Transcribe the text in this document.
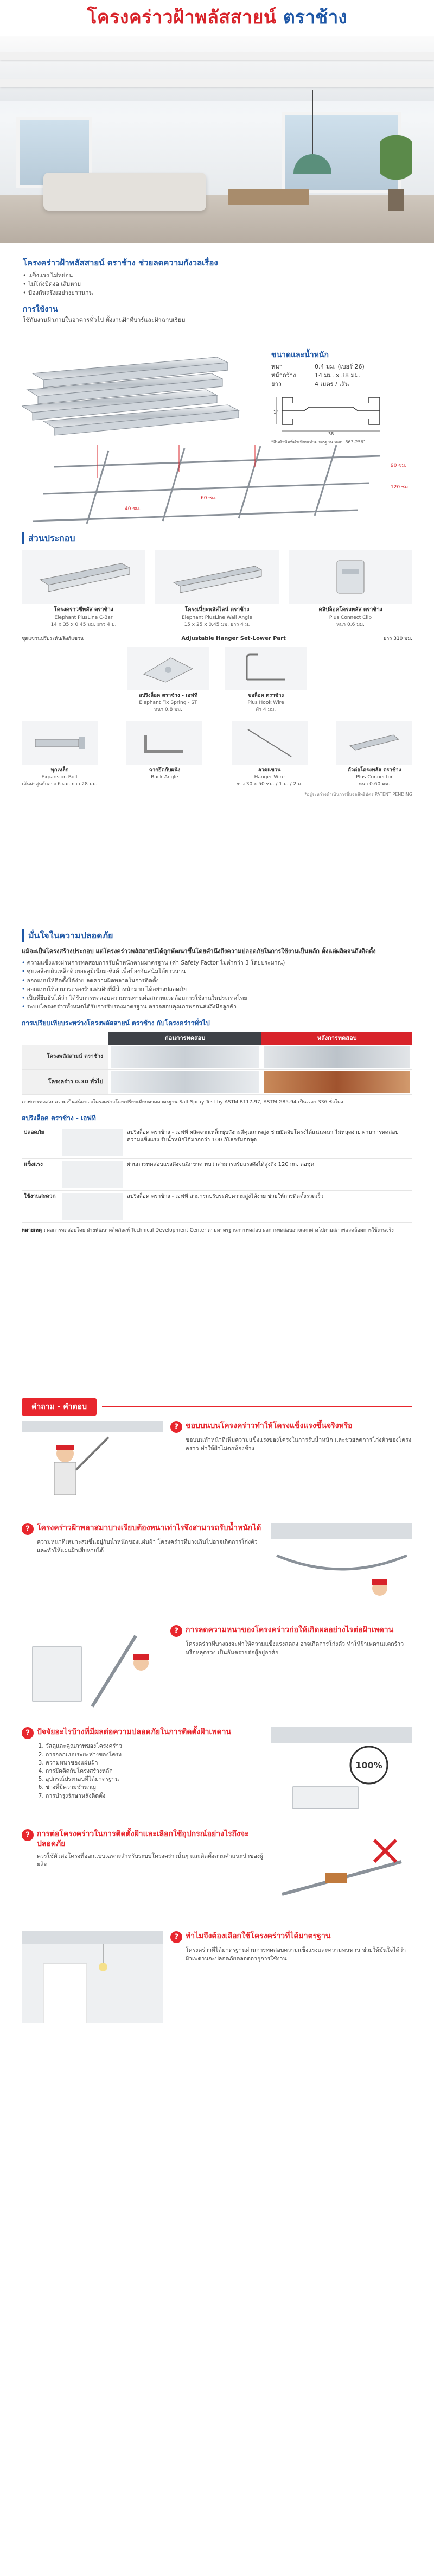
โครงคร่าวฝ้าพลัสสายน์ ตราช้าง
โครงคร่าวฝ้าพลัสสายน์ ตราช้าง ช่วยลดความกังวลเรื่อง
• แข็งแรง ไม่หย่อน
• ไม่โก่งบิดงอ เสียหาย
• ป้องกันสนิมอย่างยาวนาน
การใช้งาน

ใช้กับงานฝ้าภายในอาคารทั่วไป ทั้งงานฝ้าทีบาร์และฝ้าฉาบเรียบ

ขนาดและน้ำหนัก
หนา	0.4 มม. (เบอร์ 26)
หน้ากว้าง	14 มม. x 38 มม.
ยาว	4 เมตร / เส้น
14
38
*สินค้าพิมพ์คำเทียบเท่ามาตรฐาน มอก. 863-2561
90 ซม.
120 ซม.
60 ซม.
40 ซม.
ส่วนประกอบ
โครงคร่าวซีพลัส ตราช้าง
Elephant PlusLine C-Bar
14 x 35 x 0.45 มม. ยาว 4 ม.
โครงเนี่ยะพลัสไลน์ ตราช้าง
Elephant PlusLine Wall Angle
15 x 25 x 0.45 มม. ยาว 4 ม.
คลิปล็อคโครงพลัส ตราช้าง
Plus Connect Clip
หนา 0.6 มม.
ชุดแขวนปรับระดับ/ลิงก์แขวน	Adjustable Hanger Set-Lower Part	ยาว 310 มม.
สปริงล็อค ตราช้าง - เอฟที
Elephant Fix Spring - ST
หนา 0.8 มม.
ขอล็อค ตราช้าง
Plus Hook Wire
ผ้า 4 มม.
พุกเหล็ก
Expansion Bolt
เส้นผ่าศูนย์กลาง 6 มม. ยาว 28 มม.
ฉากยึดกับผนัง
Back Angle
ลวดแขวน
Hanger Wire
ยาว 30 x 50 ซม. / 1 ม. / 2 ม.
ตัวต่อโครงพลัส ตราช้าง
Plus Connector
หนา 0.60 มม.
*อยู่ระหว่างดำเนินการยื่นจดสิทธิบัตร PATENT PENDING
มั่นใจในความปลอดภัย

แม้จะเป็นโครงสร้างประกอบ แต่โครงคร่าวพลัสสายน์ได้ถูกพัฒนาขึ้นโดยคำนึงถึงความปลอดภัยในการใช้งานเป็นหลัก ตั้งแต่ผลิตจนถึงติดตั้ง

• ความแข็งแรงผ่านการทดสอบการรับน้ำหนักตามมาตรฐาน (ค่า Safety Factor ไม่ต่ำกว่า 3 โดยประมาณ)
• ชุบเคลือบผิวเหล็กด้วยอะลูมิเนียม-ซิงค์ เพื่อป้องกันสนิมได้ยาวนาน
• ออกแบบให้ติดตั้งได้ง่าย ลดความผิดพลาดในการติดตั้ง
• ออกแบบให้สามารถรองรับแผ่นฝ้าที่มีน้ำหนักมาก ได้อย่างปลอดภัย
• เป็นที่ยืนยันได้ว่า ได้รับการทดสอบความทนทานต่อสภาพแวดล้อมการใช้งานในประเทศไทย
• ระบบโครงคร่าวทั้งหมดได้รับการรับรองมาตรฐาน ตรวจสอบคุณภาพก่อนส่งถึงมือลูกค้า
การเปรียบเทียบระหว่างโครงพลัสสายน์ ตราช้าง กับโครงคร่าวทั่วไป
	ก่อนการทดสอบ	หลังการทดสอบ
โครงพลัสสายน์ ตราช้าง	

โครงคร่าว 0.30 ทั่วไป	

ภาพการทดสอบความเป็นสนิมของโครงคร่าวโดยเปรียบเทียบตามมาตรฐาน Salt Spray Test by ASTM B117-97, ASTM G85-94 เป็นเวลา 336 ชั่วโมง
สปริงล็อค ตราช้าง - เอฟที
ปลอดภัย		สปริงล็อค ตราช้าง - เอฟที ผลิตจากเหล็กชุบสังกะสีคุณภาพสูง ช่วยยึดจับโครงได้แน่นหนา ไม่หลุดง่าย ผ่านการทดสอบความแข็งแรง รับน้ำหนักได้มากกว่า 100 กิโลกรัมต่อจุด
แข็งแรง		ผ่านการทดสอบแรงดึงจนฉีกขาด พบว่าสามารถรับแรงดึงได้สูงถึง 120 กก. ต่อชุด
ใช้งานสะดวก		สปริงล็อค ตราช้าง - เอฟที สามารถปรับระดับความสูงได้ง่าย ช่วยให้การติดตั้งรวดเร็ว
หมายเหตุ : ผลการทดสอบโดย ฝ่ายพัฒนาผลิตภัณฑ์ Technical Development Center ตามมาตรฐานการทดสอบ ผลการทดสอบอาจแตกต่างไปตามสภาพแวดล้อมการใช้งานจริง
คำถาม - คำตอบ
? ขอบบนบนโครงคร่าวทำให้โครงแข็งแรงขึ้นจริงหรือ
ขอบบนทำหน้าที่เพิ่มความแข็งแรงของโครงในการรับน้ำหนัก และช่วยลดการโก่งตัวของโครงคร่าว ทำให้ฝ้าไม่ตกท้องช้าง
? โครงคร่าวฝ้าพลาสมาบางเรียบต้องหนาเท่าไรจึงสามารถรับน้ำหนักได้
ความหนาที่เหมาะสมขึ้นอยู่กับน้ำหนักของแผ่นฝ้า โครงคร่าวที่บางเกินไปอาจเกิดการโก่งตัวและทำให้แผ่นฝ้าเสียหายได้
? การลดความหนาของโครงคร่าวก่อให้เกิดผลอย่างไรต่อฝ้าเพดาน
โครงคร่าวที่บางลงจะทำให้ความแข็งแรงลดลง อาจเกิดการโก่งตัว ทำให้ฝ้าเพดานแตกร้าวหรือหลุดร่วง เป็นอันตรายต่อผู้อยู่อาศัย
? ปัจจัยอะไรบ้างที่มีผลต่อความปลอดภัยในการติดตั้งฝ้าเพดาน
1. วัสดุและคุณภาพของโครงคร่าว
2. การออกแบบระยะห่างของโครง
3. ความหนาของแผ่นฝ้า
4. การยึดติดกับโครงสร้างหลัก
5. อุปกรณ์ประกอบที่ได้มาตรฐาน
6. ช่างที่มีความชำนาญ
7. การบำรุงรักษาหลังติดตั้ง
100%
? การต่อโครงคร่าวในการติดตั้งฝ้าและเลือกใช้อุปกรณ์อย่างไรถึงจะปลอดภัย
ควรใช้ตัวต่อโครงที่ออกแบบเฉพาะสำหรับระบบโครงคร่าวนั้นๆ และติดตั้งตามคำแนะนำของผู้ผลิต
? ทำไมจึงต้องเลือกใช้โครงคร่าวที่ได้มาตรฐาน
โครงคร่าวที่ได้มาตรฐานผ่านการทดสอบความแข็งแรงและความทนทาน ช่วยให้มั่นใจได้ว่าฝ้าเพดานจะปลอดภัยตลอดอายุการใช้งาน
